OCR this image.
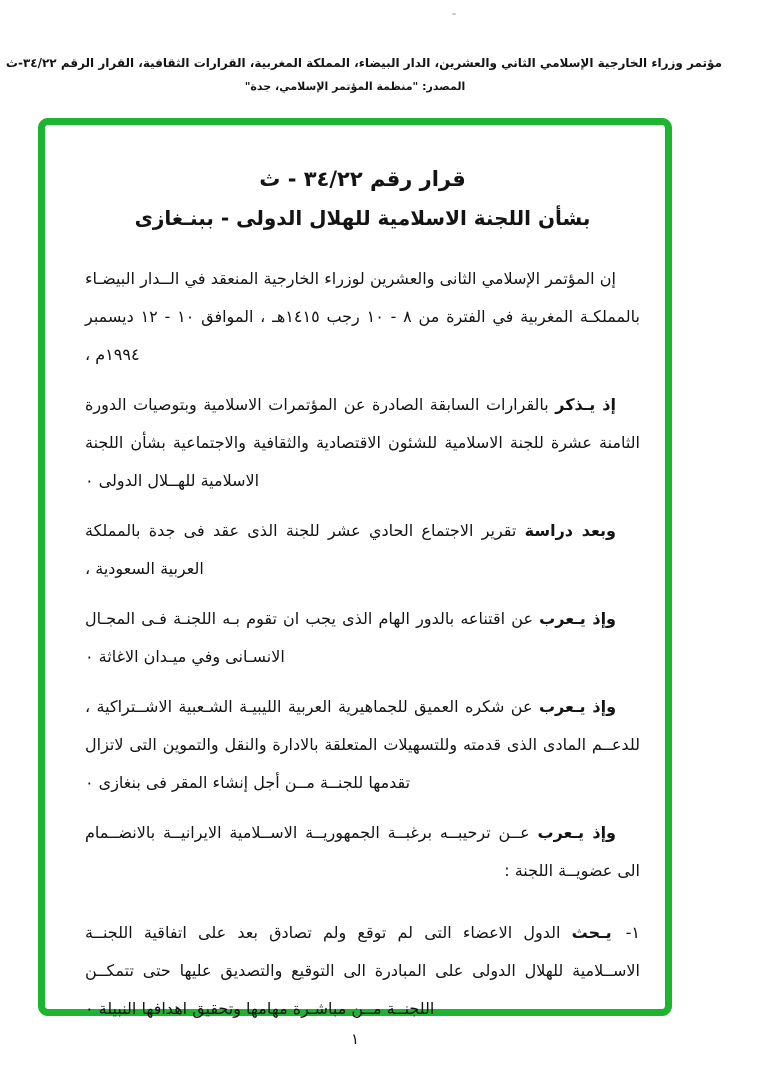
مؤتمر وزراء الخارجية الإسلامي الثاني والعشرين، الدار البيضاء، المملكة المغربية، القرارات الثقافية، القرار الرقم ٣٤/٢٢-ث
المصدر: "منظمة المؤتمر الإسلامي، جدة"
قرار رقم ٣٤/٢٢ - ث
بشأن اللجنة الاسلامية للهلال الدولى - ببنـغازى

إن المؤتمر الإسلامي الثانى والعشرين لوزراء الخارجية المنعقد في الــدار البيضـاء بالمملكـة المغربية في الفترة من ٨ - ١٠ رجب ١٤١٥هـ ، الموافق ١٠ - ١٢ ديسمبر ١٩٩٤م ،

إذ يـذكر بالقرارات السابقة الصادرة عن المؤتمرات الاسلامية وبتوصيات الدورة الثامنة عشرة للجنة الاسلامية للشئون الاقتصادية والثقافية والاجتماعية بشأن اللجنة الاسلامية للهــلال الدولى ٠

وبعد دراسة تقرير الاجتماع الحادي عشر للجنة الذى عقد فى جدة بالمملكة العربية السعودية ،

وإذ يـعرب عن اقتناعه بالدور الهام الذى يجب ان تقوم بـه اللجنـة فـى المجـال الانسـانى وفي ميـدان الاغاثة ٠

وإذ يـعرب عن شكره العميق للجماهيرية العربية الليبيـة الشـعبية الاشــتراكية ، للدعــم المادى الذى قدمته وللتسهيلات المتعلقة بالادارة والنقل والتموين التى لاتزال تقدمها للجنــة مــن أجل إنشاء المقر فى بنغازى ٠

وإذ يـعرب عــن ترحيبــه برغبــة الجمهوريــة الاســلامية الايرانيــة بالانضــمام الى عضويــة اللجنة :

١-يـحث الدول الاعضاء التى لم توقع ولم تصادق بعد على اتفاقية اللجنــة الاســلامية للهلال الدولى على المبادرة الى التوقيع والتصديق عليها حتى تتمكــن اللجنــة مــن مباشـرة مهامها وتحقيق اهدافها النبيلة ٠

١
